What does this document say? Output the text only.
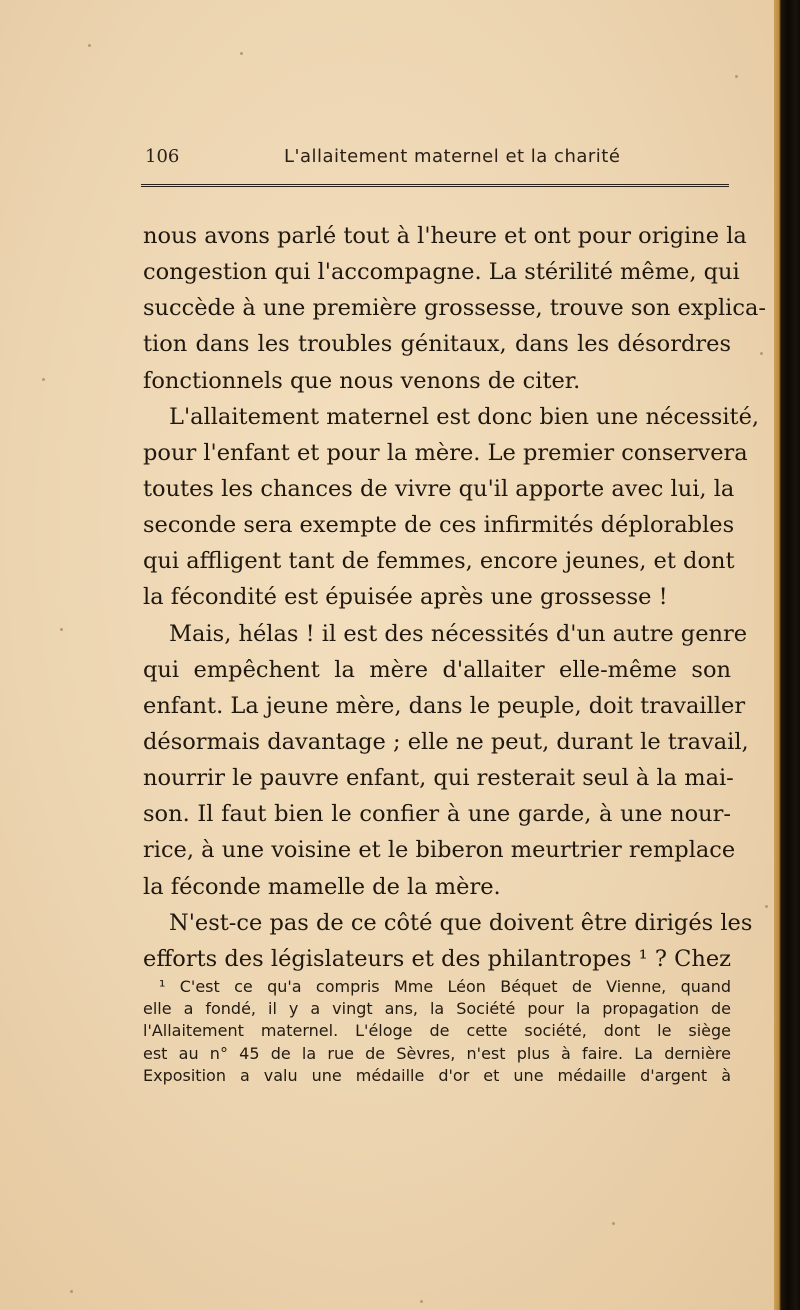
106	L'allaitement maternel et la charité
nous avons parlé tout à l'heure et ont pour origine la
congestion qui l'accompagne. La stérilité même, qui
succède à une première grossesse, trouve son explica-
tion dans les troubles génitaux, dans les désordres
fonctionnels que nous venons de citer.
L'allaitement maternel est donc bien une nécessité,
pour l'enfant et pour la mère. Le premier conservera
toutes les chances de vivre qu'il apporte avec lui, la
seconde sera exempte de ces infirmités déplorables
qui affligent tant de femmes, encore jeunes, et dont
la fécondité est épuisée après une grossesse !
Mais, hélas ! il est des nécessités d'un autre genre
qui empêchent la mère d'allaiter elle-même son
enfant. La jeune mère, dans le peuple, doit travailler
désormais davantage ; elle ne peut, durant le travail,
nourrir le pauvre enfant, qui resterait seul à la mai-
son. Il faut bien le confier à une garde, à une nour-
rice, à une voisine et le biberon meurtrier remplace
la féconde mamelle de la mère.
N'est-ce pas de ce côté que doivent être dirigés les
efforts des législateurs et des philantropes ¹ ? Chez
¹ C'est ce qu'a compris Mme Léon Béquet de Vienne, quand
elle a fondé, il y a vingt ans, la Société pour la propagation de
l'Allaitement maternel. L'éloge de cette société, dont le siège
est au n° 45 de la rue de Sèvres, n'est plus à faire. La dernière
Exposition a valu une médaille d'or et une médaille d'argent à
